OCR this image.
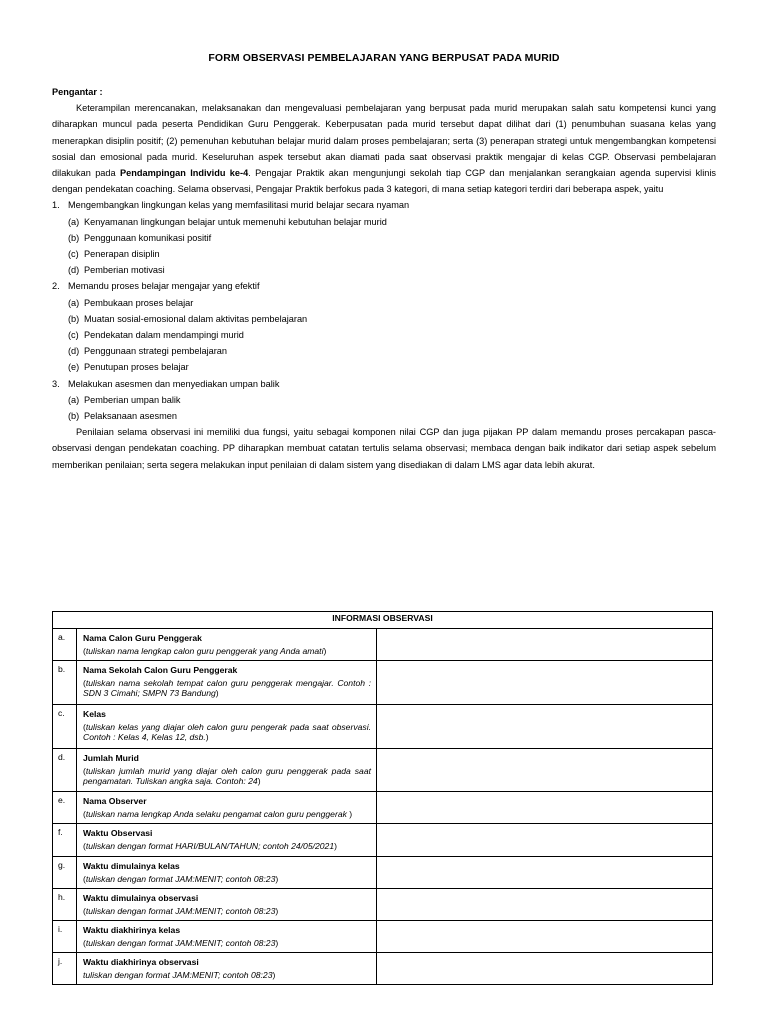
FORM OBSERVASI PEMBELAJARAN YANG BERPUSAT PADA MURID
Pengantar :

Keterampilan merencanakan, melaksanakan dan mengevaluasi pembelajaran yang berpusat pada murid merupakan salah satu kompetensi kunci yang diharapkan muncul pada peserta Pendidikan Guru Penggerak. Keberpusatan pada murid tersebut dapat dilihat dari (1) penumbuhan suasana kelas yang menerapkan disiplin positif; (2) pemenuhan kebutuhan belajar murid dalam proses pembelajaran; serta (3) penerapan strategi untuk mengembangkan kompetensi sosial dan emosional pada murid. Keseluruhan aspek tersebut akan diamati pada saat observasi praktik mengajar di kelas CGP. Observasi pembelajaran dilakukan pada Pendampingan Individu ke-4. Pengajar Praktik akan mengunjungi sekolah tiap CGP dan menjalankan serangkaian agenda supervisi klinis dengan pendekatan coaching. Selama observasi, Pengajar Praktik berfokus pada 3 kategori, di mana setiap kategori terdiri dari beberapa aspek, yaitu

1. Mengembangkan lingkungan kelas yang memfasilitasi murid belajar secara nyaman
(a) Kenyamanan lingkungan belajar untuk memenuhi kebutuhan belajar murid
(b) Penggunaan komunikasi positif
(c) Penerapan disiplin
(d) Pemberian motivasi
2. Memandu proses belajar mengajar yang efektif
(a) Pembukaan proses belajar
(b) Muatan sosial-emosional dalam aktivitas pembelajaran
(c) Pendekatan dalam mendampingi murid
(d) Penggunaan strategi pembelajaran
(e) Penutupan proses belajar
3. Melakukan asesmen dan menyediakan umpan balik
(a) Pemberian umpan balik
(b) Pelaksanaan asesmen

Penilaian selama observasi ini memiliki dua fungsi, yaitu sebagai komponen nilai CGP dan juga pijakan PP dalam memandu proses percakapan pasca-observasi dengan pendekatan coaching. PP diharapkan membuat catatan tertulis selama observasi; membaca dengan baik indikator dari setiap aspek sebelum memberikan penilaian; serta segera melakukan input penilaian di dalam sistem yang disediakan di dalam LMS agar data lebih akurat.

INFORMASI OBSERVASI		
a.	Nama Calon Guru Penggerak
(tuliskan nama lengkap calon guru penggerak yang Anda amati)	

b.	Nama Sekolah Calon Guru Penggerak
(tuliskan nama sekolah tempat calon guru penggerak mengajar. Contoh : SDN 3 Cimahi; SMPN 73 Bandung)	

c.	Kelas
(tuliskan kelas yang diajar oleh calon guru pengerak pada saat observasi. Contoh : Kelas 4, Kelas 12, dsb.)	

d.	Jumlah Murid
(tuliskan jumlah murid yang diajar oleh calon guru penggerak pada saat pengamatan. Tuliskan angka saja. Contoh: 24)	

e.	Nama Observer
(tuliskan nama lengkap Anda selaku pengamat calon guru penggerak )	

f.	Waktu Observasi
(tuliskan dengan format HARI/BULAN/TAHUN; contoh 24/05/2021)	

g.	Waktu dimulainya kelas
(tuliskan dengan format JAM:MENIT; contoh 08:23)	

h.	Waktu dimulainya observasi
(tuliskan dengan format JAM:MENIT; contoh 08:23)	

i.	Waktu diakhirinya kelas
(tuliskan dengan format JAM:MENIT; contoh 08:23)	

j.	Waktu diakhirinya observasi
tuliskan dengan format JAM:MENIT; contoh 08:23)	
